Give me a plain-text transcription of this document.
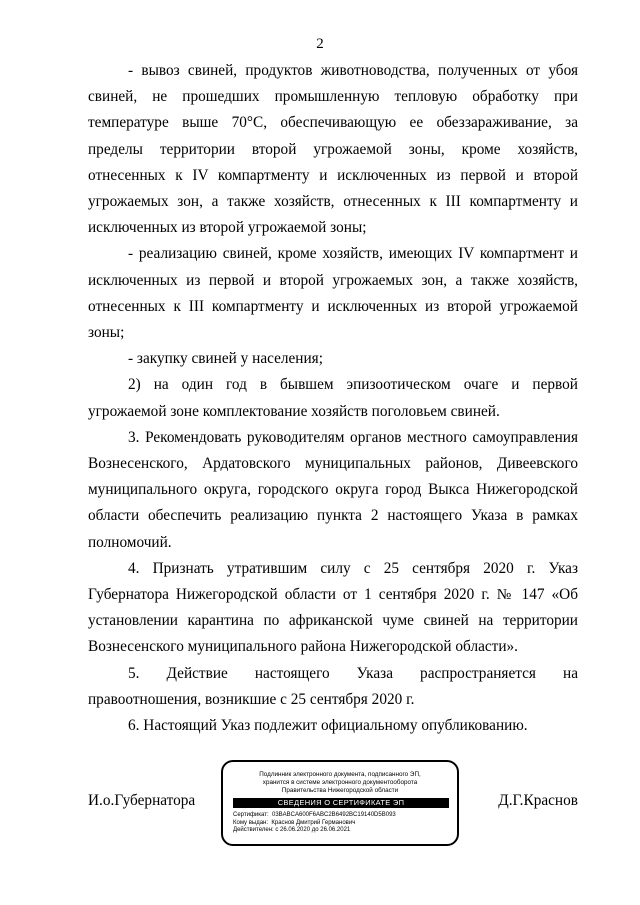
2

- вывоз свиней, продуктов животноводства, полученных от убоя свиней, не прошедших промышленную тепловую обработку при температуре выше 70°С, обеспечивающую ее обеззараживание, за пределы территории второй угрожаемой зоны, кроме хозяйств, отнесенных к IV компартменту и исключенных из первой и второй угрожаемых зон, а также хозяйств, отнесенных к III компартменту и исключенных из второй угрожаемой зоны;

- реализацию свиней, кроме хозяйств, имеющих IV компартмент и исключенных из первой и второй угрожаемых зон, а также хозяйств, отнесенных к III компартменту и исключенных из второй угрожаемой зоны;

- закупку свиней у населения;

2) на один год в бывшем эпизоотическом очаге и первой угрожаемой зоне комплектование хозяйств поголовьем свиней.

3. Рекомендовать руководителям органов местного самоуправления Вознесенского, Ардатовского муниципальных районов, Дивеевского муниципального округа, городского округа город Выкса Нижегородской области обеспечить реализацию пункта 2 настоящего Указа в рамках полномочий.

4. Признать утратившим силу с 25 сентября 2020 г. Указ Губернатора Нижегородской области от 1 сентября 2020 г. № 147 «Об установлении карантина по африканской чуме свиней на территории Вознесенского муниципального района Нижегородской области».

5. Действие настоящего Указа распространяется на правоотношения, возникшие с 25 сентября 2020 г.

6. Настоящий Указ подлежит официальному опубликованию.

И.о.Губернатора
Подлинник электронного документа, подписанного ЭП,
хранится в системе электронного документооборота
Правительства Нижегородской области
СВЕДЕНИЯ О СЕРТИФИКАТЕ ЭП
Сертификат: 03BABCA600F6ABC2B6492BC19140D5B093
Кому выдан: Краснов Дмитрий Германович
Действителен: с 26.06.2020 до 26.06.2021
Д.Г.Краснов
